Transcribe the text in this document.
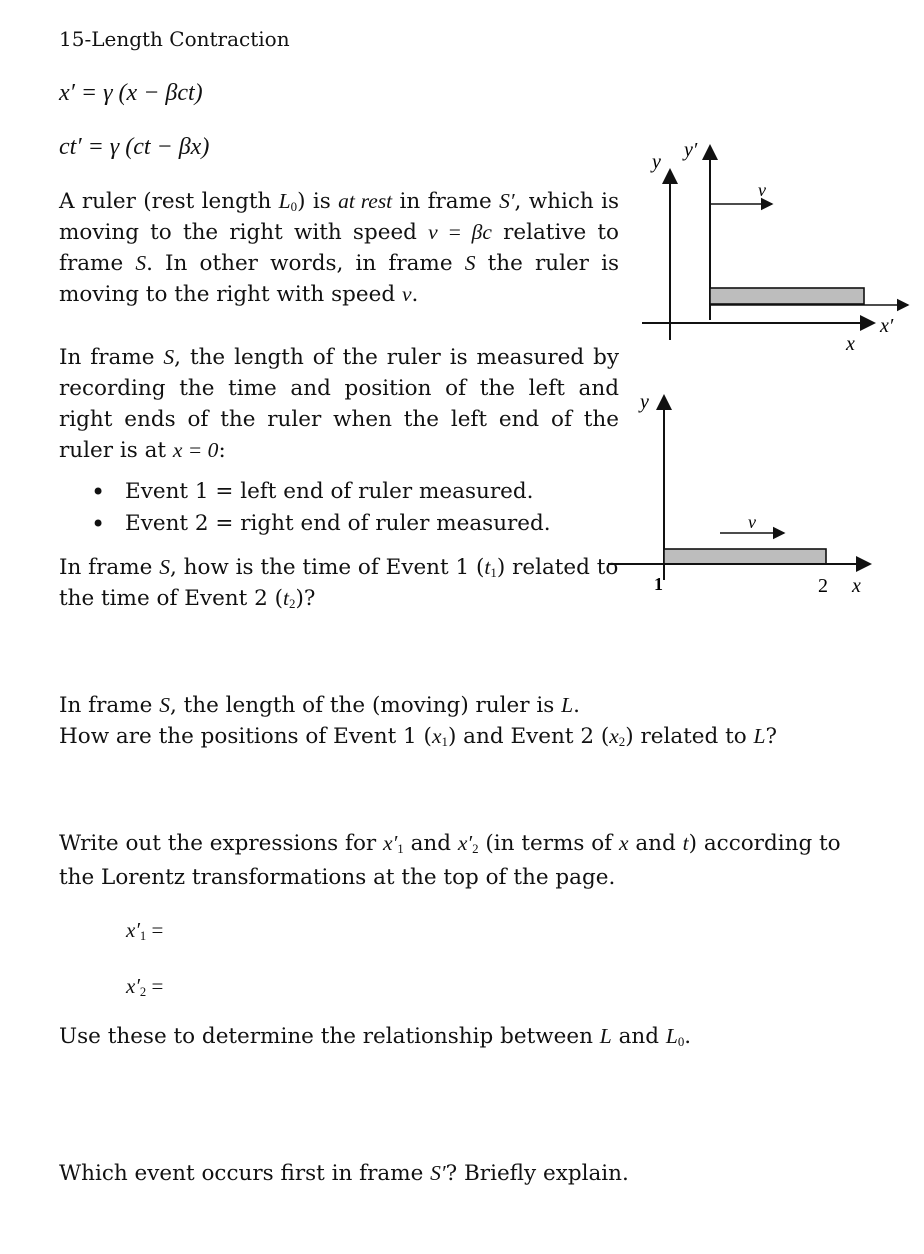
15-Length Contraction
x′ = γ (x − βct)
ct′ = γ (ct − βx)

A ruler (rest length $L_0$) is at rest in frame S′, which is moving to the right with speed v = βc relative to frame S. In other words, in frame S the ruler is moving to the right with speed v.

In frame S, the length of the ruler is measured by recording the time and position of the left and right ends of the ruler when the left end of the ruler is at x = 0:

• Event 1 = left end of ruler measured.
• Event 2 = right end of ruler measured.

In frame S, how is the time of Event 1 $(t_1)$ related to the time of Event 2 $(t_2)$?

In frame S, the length of the (moving) ruler is L.

How are the positions of Event 1 $(x_1)$ and Event 2 $(x_2)$ related to L?

Write out the expressions for $x'_1$ and $x'_2$ (in terms of x and t) according to the Lorentz transformations at the top of the page.

$x'_1$ =
$x'_2$ =

Use these to determine the relationship between L and $L_0$.

Which event occurs first in frame S′? Briefly explain.

y
y′
v
x′
x
y
v
1	2 x
